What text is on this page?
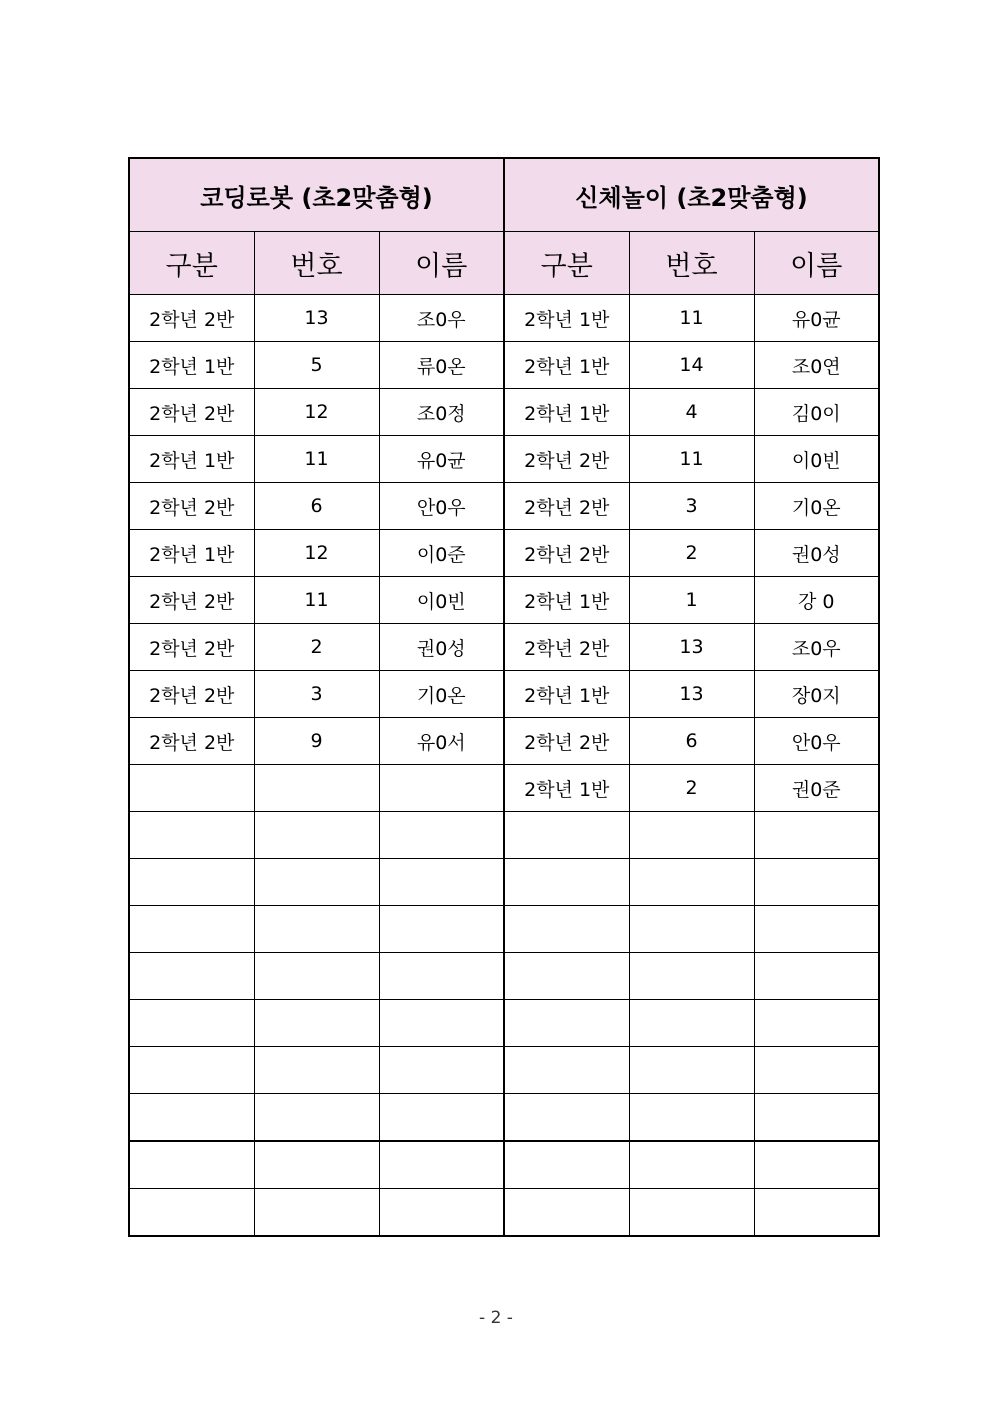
코딩로봇 (초2맞춤형)			신체놀이 (초2맞춤형)		
구분	번호	이름	구분	번호	이름
2학년 2반	13	조0우	2학년 1반	11	유0균
2학년 1반	5	류0온	2학년 1반	14	조0연
2학년 2반	12	조0정	2학년 1반	4	김0이
2학년 1반	11	유0균	2학년 2반	11	이0빈
2학년 2반	6	안0우	2학년 2반	3	기0온
2학년 1반	12	이0준	2학년 2반	2	권0성
2학년 2반	11	이0빈	2학년 1반	1	강 0
2학년 2반	2	권0성	2학년 2반	13	조0우
2학년 2반	3	기0온	2학년 1반	13	장0지
2학년 2반	9	유0서	2학년 2반	6	안0우
			2학년 1반	2	권0준

- 2 -
